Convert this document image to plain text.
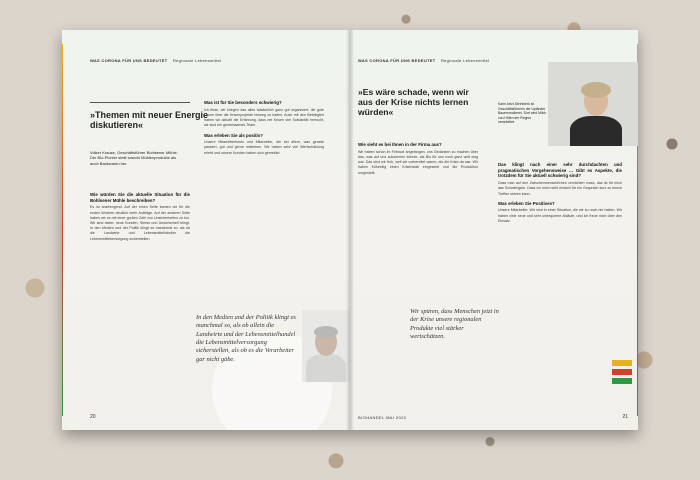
WAS CORONA FÜR UNS BEDEUTET Regionale Lebensmittel
»Themen mit neuer Energie diskutieren«
Volker Krause, Geschäftsführer Bohlsener Mühle. Der Bio-Pionier stellt sowohl Mühlenprodukte als auch Backwaren her.
Wie würden Sie die aktuelle Situation für die Bohlsener Mühle beschreiben?
Es ist anstrengend. Auf der einen Seite kamen wir für die ersten Wochen deutlich mehr Aufträge. Auf der anderen Seite haben wir es mit einer großen Zahl von Unsicherheiten zu tun. Wir sind dabei, neue Kunden, Stress und Unsicherheit bringt. In den Medien und der Politik klingt es manchmal so, als ob die Landwirte und Lebensmittelhändler die Lebensmittelversorgung sicherstellen.
Was ist für Sie besonders schwierig?
Ich finde, wir kriegen das alles tatsächlich ganz gut organisiert, die gute Laune über die Krisenprojekte hinweg zu halten. Auch mit den Beteiligten haben wir aktuell die Erfahrung, dass bei Krisen viel Solidarität herrscht, wir sind ein gemeinsames Team.
Was erleben Sie als positiv?
Unsere Mitarbeiterinnen und Mitarbeiter, die bei allem, was gerade passiert, gut und gerne mitziehen. Wir haben sehr viel Wertschätzung erlebt und unsere Kunden haben sich gemeldet.
In den Medien und der Politik klingt es manchmal so, als ob allein die Landwirte und der Lebensmittelhandel die Lebensmittelversorgung sicherstellen, als ob es die Verarbeiter gar nicht gäbe.
20
WAS CORONA FÜR UNS BEDEUTET Regionale Lebensmittel
»Es wäre schade, wenn wir aus der Krise nichts lernen würden«
Wie sieht es bei Ihnen in der Firma aus?
Wir haben schon im Februar angefangen, uns Gedanken zu machen über das, was auf uns zukommen könnte, als Bio für uns noch ganz weit weg war. Das sind wir froh, weil wir vorbereitet waren, als die Krise da war. Wir haben frühzeitig einen Krisenstab eingesetzt und die Produktion umgestellt.
Karin Artzt-Steinbrink ist Geschäftsführerin der Upländer Bauernmolkerei. Dort wird Milch von Höfen der Region verarbeitet.
Das klingt nach einer sehr durchdachten und pragmatischen Vorgehensweise … Gibt es Aspekte, die trotzdem für Sie aktuell schwierig sind?
Dass man auf den Zwischenmenschlichen verzichten muss, das ist für mich das Schwierigste. Dass ich mich nicht einfach für ein Gespräch kurz zu einem Treffen setzen kann.
Was erleben Sie Positives?
Unsere Mitarbeiter. Wir sind in einer Situation, die wir so noch nie hatten. Wir haben viele neue und sehr unbequeme Abläufe, und ich freue mich über den Einsatz.
Wir spüren, dass Menschen jetzt in der Krise unsere regionalen Produkte viel stärker wertschätzen.
BIOHANDEL MAI 2020	21
